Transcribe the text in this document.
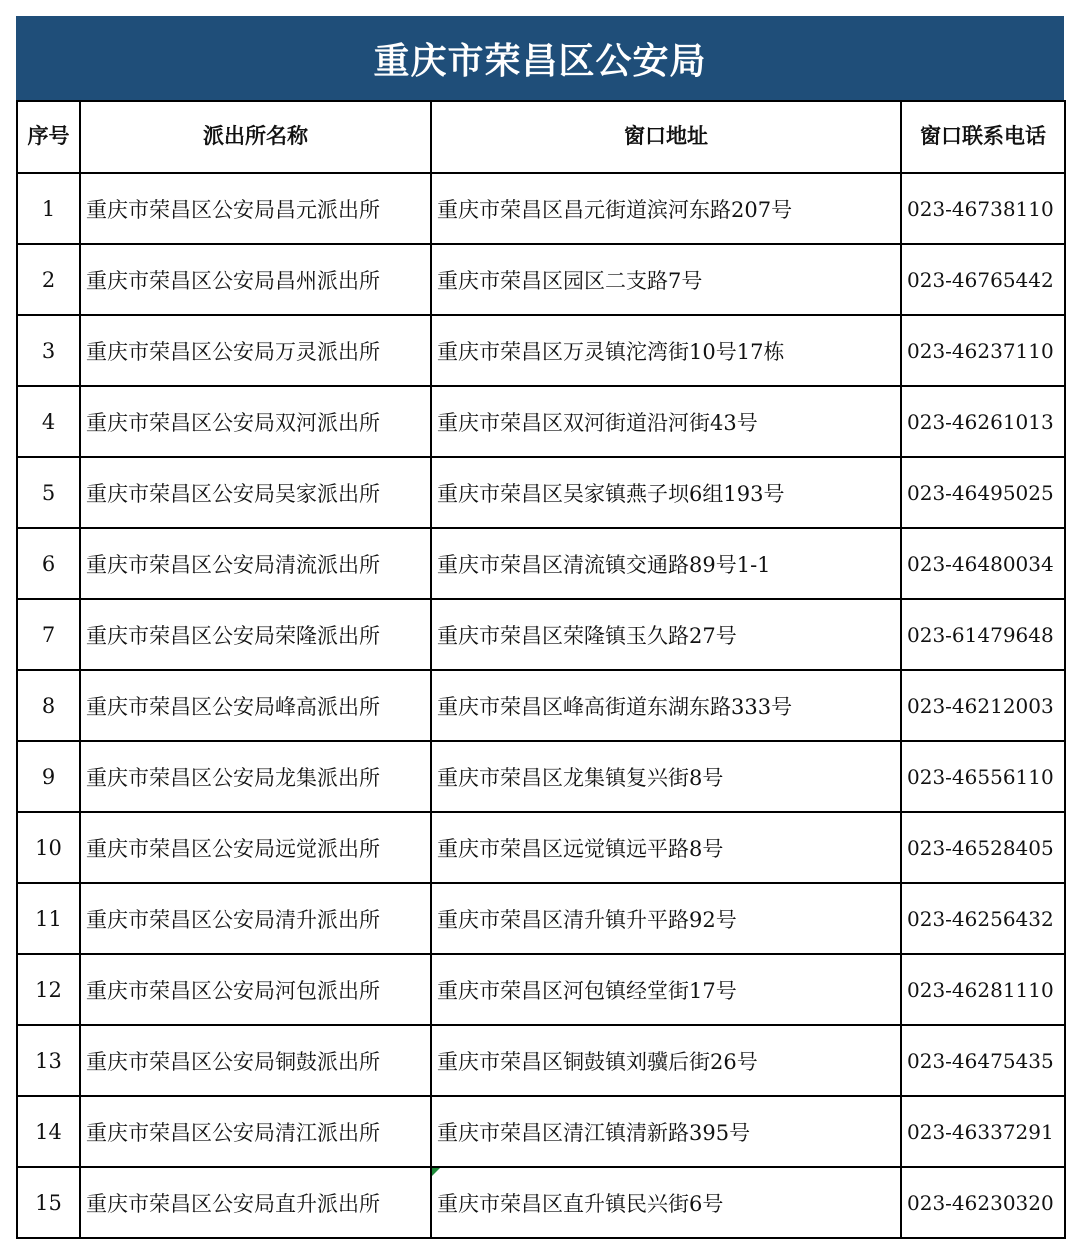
重庆市荣昌区公安局
序号	派出所名称	窗口地址	窗口联系电话
1	重庆市荣昌区公安局昌元派出所	重庆市荣昌区昌元街道滨河东路207号	023-46738110
2	重庆市荣昌区公安局昌州派出所	重庆市荣昌区园区二支路7号	023-46765442
3	重庆市荣昌区公安局万灵派出所	重庆市荣昌区万灵镇沱湾街10号17栋	023-46237110
4	重庆市荣昌区公安局双河派出所	重庆市荣昌区双河街道沿河街43号	023-46261013
5	重庆市荣昌区公安局吴家派出所	重庆市荣昌区吴家镇燕子坝6组193号	023-46495025
6	重庆市荣昌区公安局清流派出所	重庆市荣昌区清流镇交通路89号1-1	023-46480034
7	重庆市荣昌区公安局荣隆派出所	重庆市荣昌区荣隆镇玉久路27号	023-61479648
8	重庆市荣昌区公安局峰高派出所	重庆市荣昌区峰高街道东湖东路333号	023-46212003
9	重庆市荣昌区公安局龙集派出所	重庆市荣昌区龙集镇复兴街8号	023-46556110
10	重庆市荣昌区公安局远觉派出所	重庆市荣昌区远觉镇远平路8号	023-46528405
11	重庆市荣昌区公安局清升派出所	重庆市荣昌区清升镇升平路92号	023-46256432
12	重庆市荣昌区公安局河包派出所	重庆市荣昌区河包镇经堂街17号	023-46281110
13	重庆市荣昌区公安局铜鼓派出所	重庆市荣昌区铜鼓镇刘骥后街26号	023-46475435
14	重庆市荣昌区公安局清江派出所	重庆市荣昌区清江镇清新路395号	023-46337291
15	重庆市荣昌区公安局直升派出所	重庆市荣昌区直升镇民兴街6号	023-46230320
